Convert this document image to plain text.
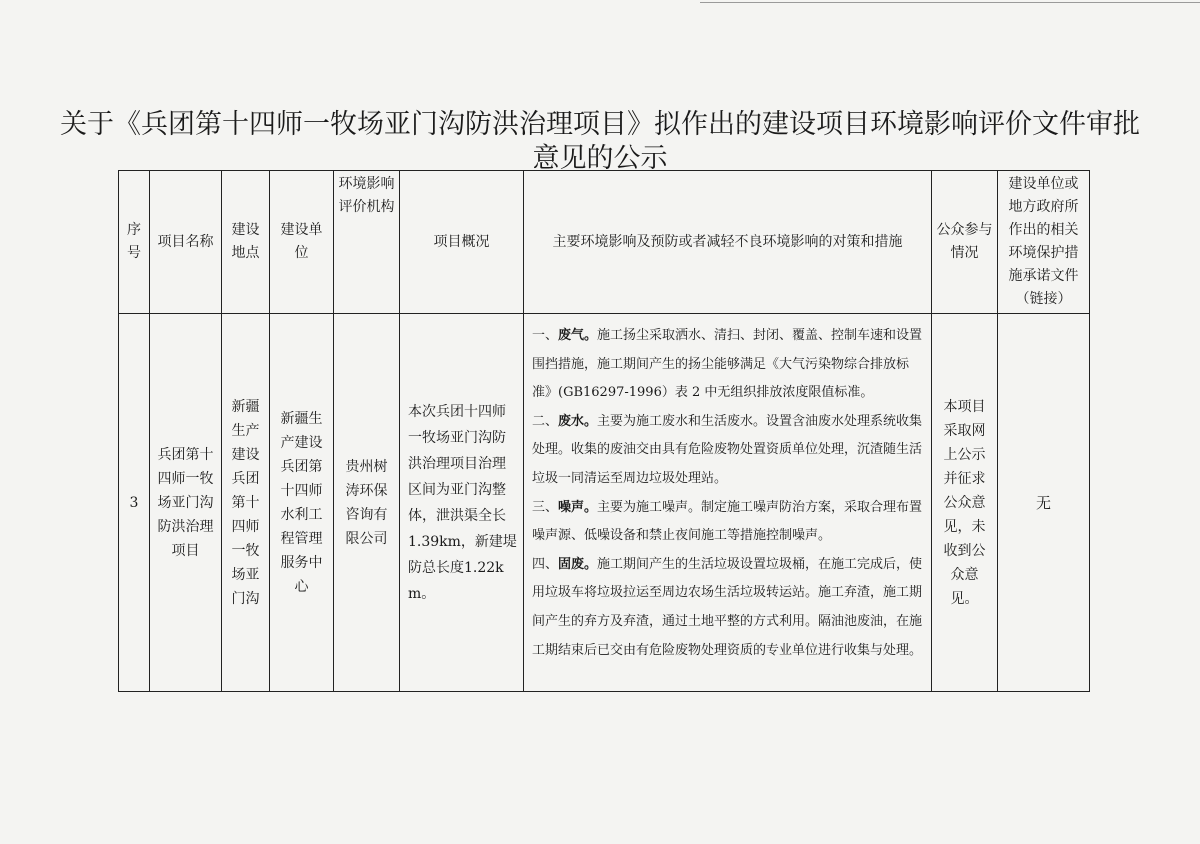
关于《兵团第十四师一牧场亚门沟防洪治理项目》拟作出的建设项目环境影响评价文件审批意见的公示
序号	项目名称	建设地点	建设单位	环境影响评价机构	项目概况	主要环境影响及预防或者减轻不良环境影响的对策和措施	公众参与情况	建设单位或地方政府所作出的相关环境保护措施承诺文件（链接）
3	兵团第十四师一牧场亚门沟防洪治理项目	新疆生产建设兵团第十四师一牧场亚门沟	新疆生产建设兵团第十四师水利工程管理服务中心	贵州树涛环保咨询有限公司	本次兵团十四师一牧场亚门沟防洪治理项目治理区间为亚门沟整体，泄洪渠全长1.39km，新建堤防总长度1.22km。	一、废气。施工扬尘采取洒水、清扫、封闭、覆盖、控制车速和设置围挡措施，施工期间产生的扬尘能够满足《大气污染物综合排放标准》(GB16297-1996）表 2 中无组织排放浓度限值标准。

二、废水。主要为施工废水和生活废水。设置含油废水处理系统收集处理。收集的废油交由具有危险废物处置资质单位处理，沉渣随生活垃圾一同清运至周边垃圾处理站。

三、噪声。主要为施工噪声。制定施工噪声防治方案，采取合理布置噪声源、低噪设备和禁止夜间施工等措施控制噪声。

四、固废。施工期间产生的生活垃圾设置垃圾桶，在施工完成后，使用垃圾车将垃圾拉运至周边农场生活垃圾转运站。施工弃渣，施工期间产生的弃方及弃渣，通过土地平整的方式利用。隔油池废油，在施工期结束后已交由有危险废物处理资质的专业单位进行收集与处理。	本项目采取网上公示并征求公众意见，未收到公众意见。	无
